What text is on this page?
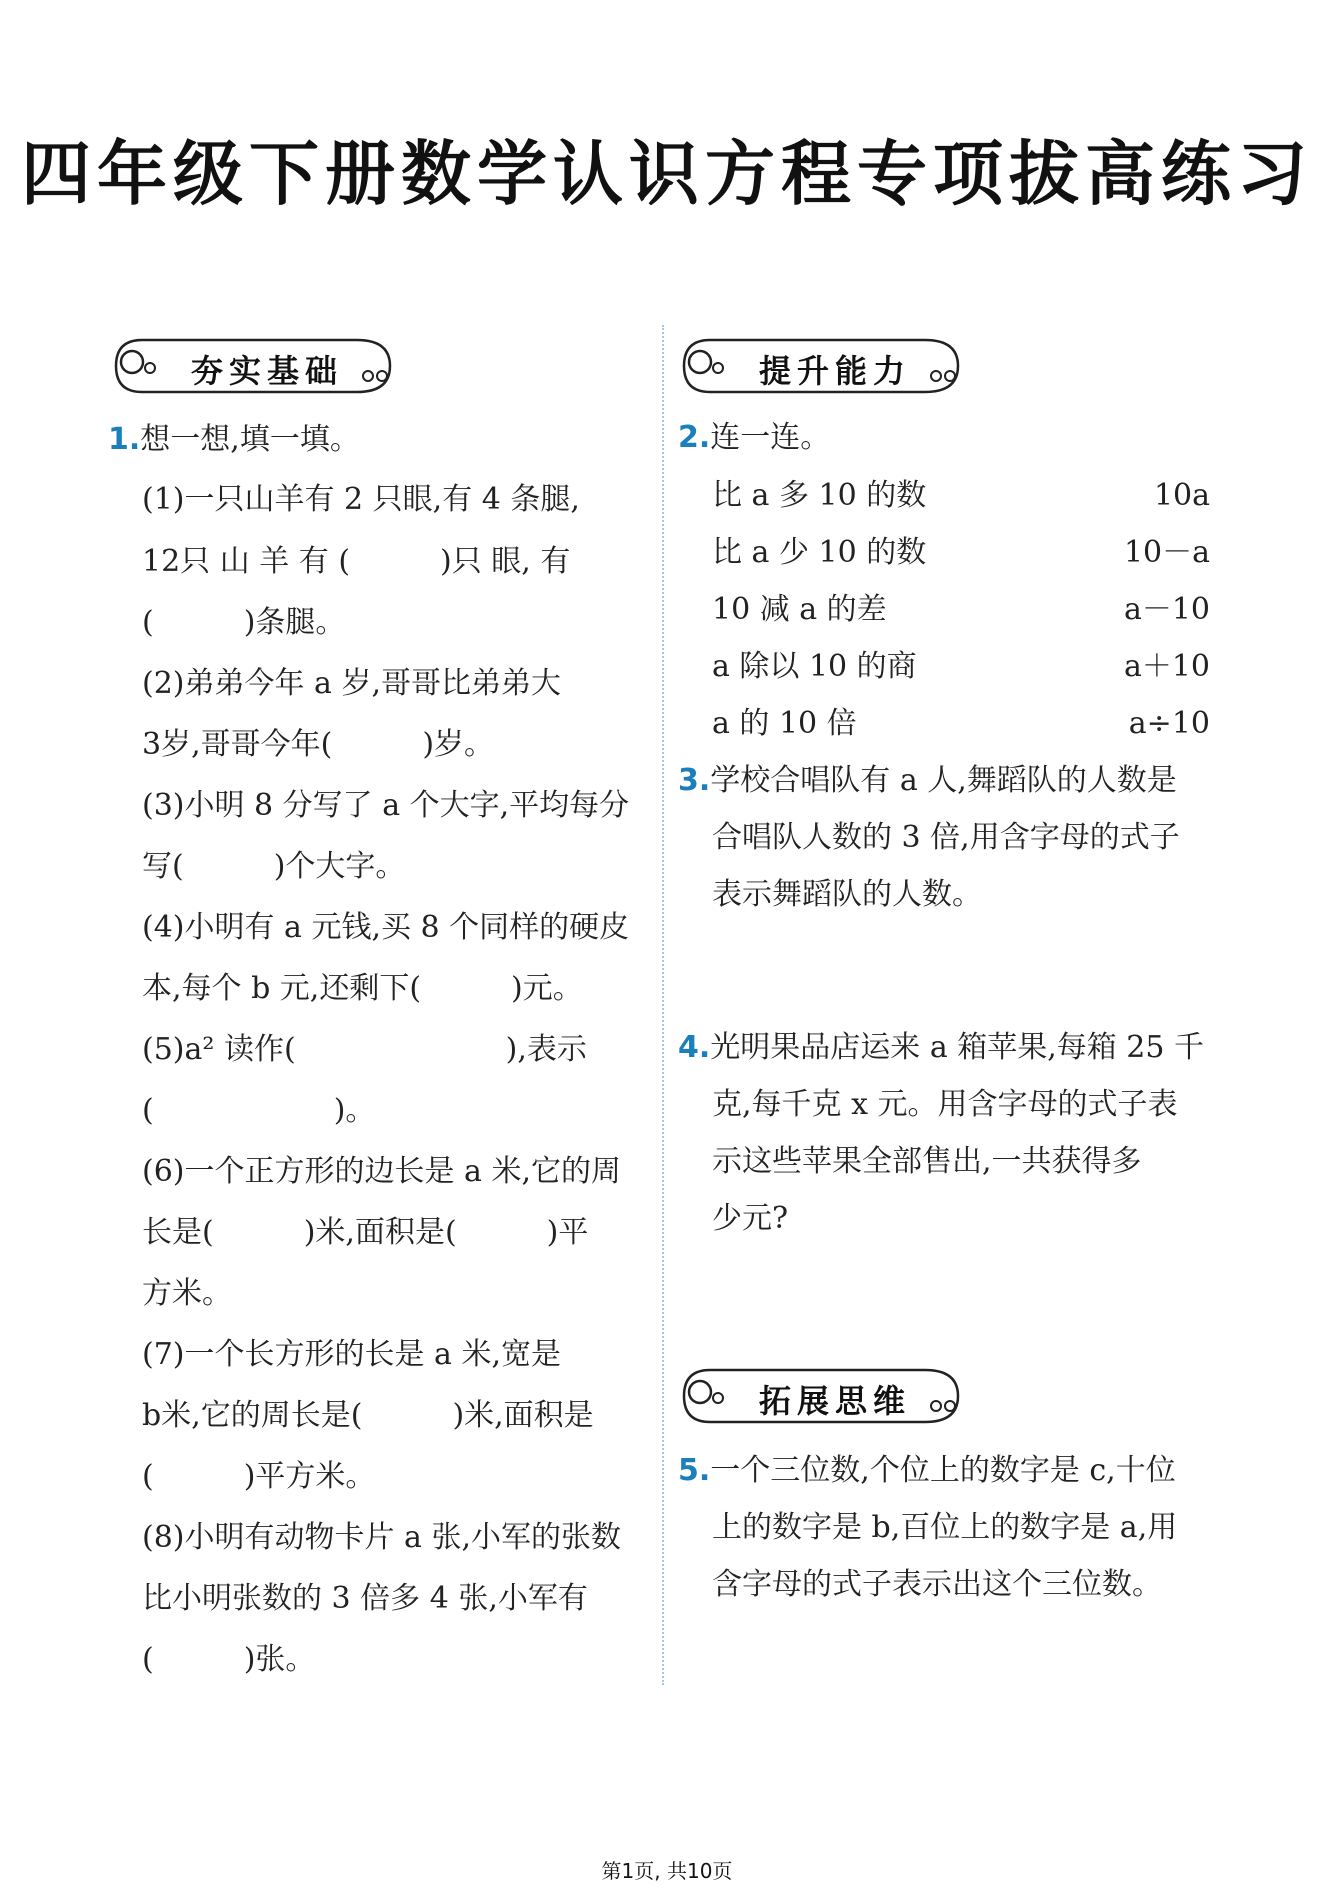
四年级下册数学认识方程专项拔高练习
夯实基础	提升能力
拓展思维
1.想一想,填一填。
(1)一只山羊有 2 只眼,有 4 条腿,
12只 山 羊 有 (　　　)只 眼, 有
(　　　)条腿。
(2)弟弟今年 a 岁,哥哥比弟弟大
3岁,哥哥今年(　　　)岁。
(3)小明 8 分写了 a 个大字,平均每分
写(　　　)个大字。
(4)小明有 a 元钱,买 8 个同样的硬皮
本,每个 b 元,还剩下(　　　)元。
(5)a² 读作(　　　　　　　),表示
(　　　　　　)。
(6)一个正方形的边长是 a 米,它的周
长是(　　　)米,面积是(　　　)平
方米。
(7)一个长方形的长是 a 米,宽是
b米,它的周长是(　　　)米,面积是
(　　　)平方米。
(8)小明有动物卡片 a 张,小军的张数
比小明张数的 3 倍多 4 张,小军有
(　　　)张。
2.连一连。
比 a 多 10 的数
比 a 少 10 的数
10 减 a 的差
a 除以 10 的商
a 的 10 倍
10a
10－a
a－10
a＋10
a÷10
3.学校合唱队有 a 人,舞蹈队的人数是
合唱队人数的 3 倍,用含字母的式子
表示舞蹈队的人数。
4.光明果品店运来 a 箱苹果,每箱 25 千
克,每千克 x 元。用含字母的式子表
示这些苹果全部售出,一共获得多
少元?
5.一个三位数,个位上的数字是 c,十位
上的数字是 b,百位上的数字是 a,用
含字母的式子表示出这个三位数。
第1页, 共10页
